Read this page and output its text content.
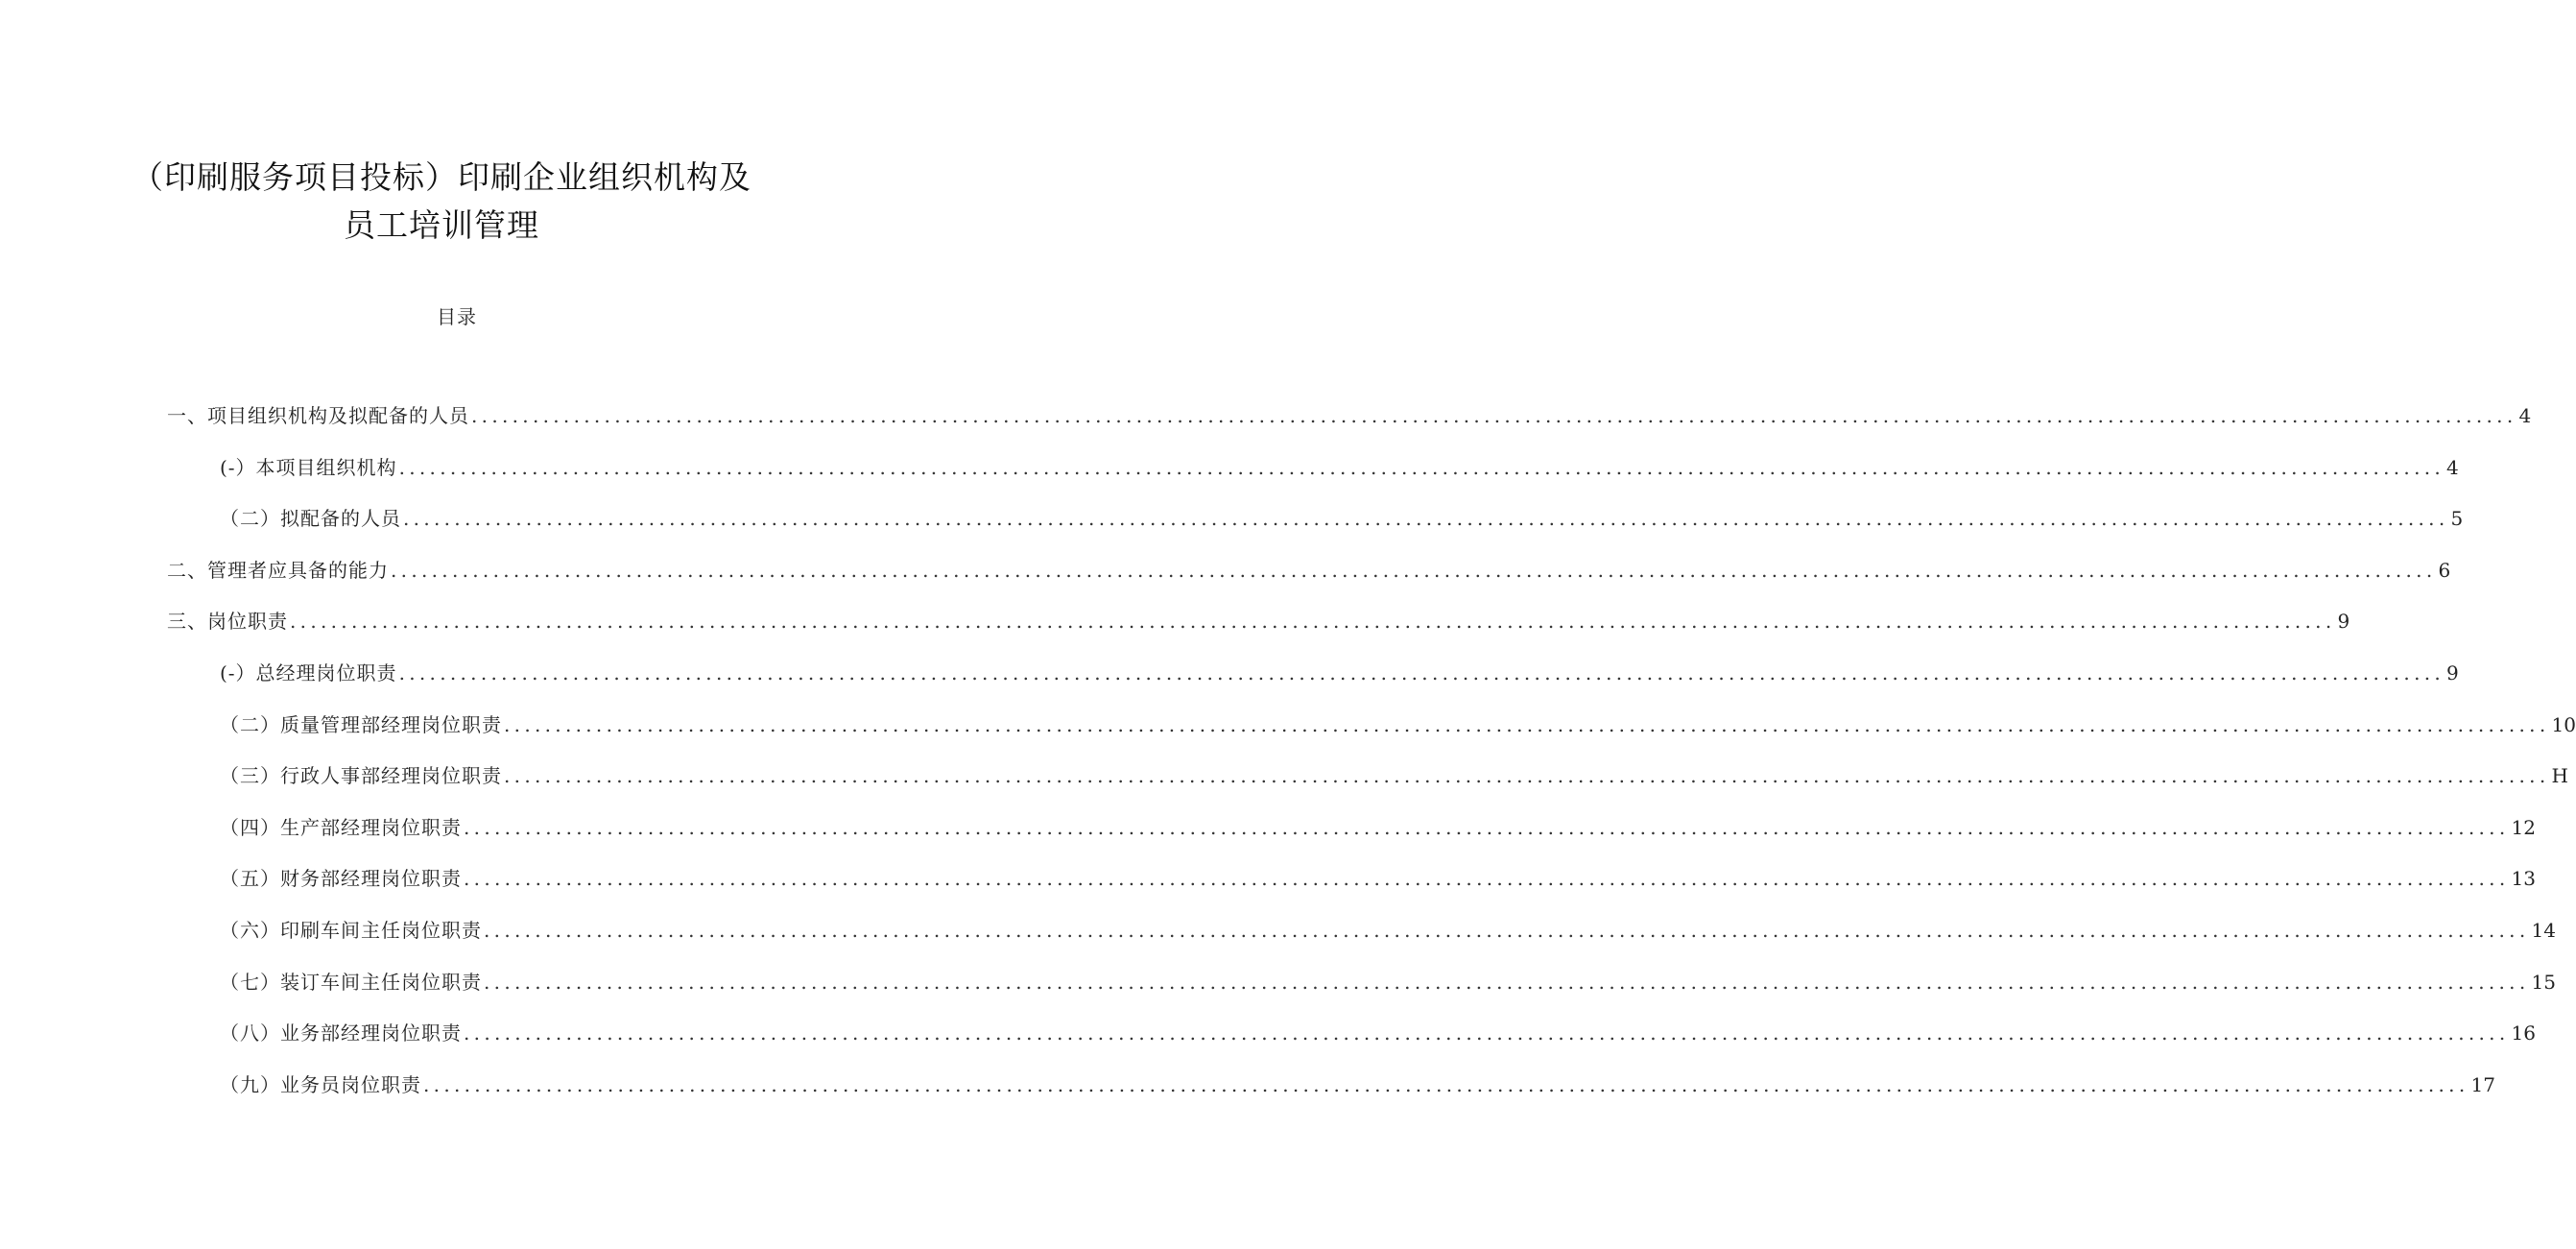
（印刷服务项目投标）印刷企业组织机构及
员工培训管理
目录
一、项目组织机构及拟配备的人员 ........................................................................................................................................................................................................ 4
(-）本项目组织机构 ........................................................................................................................................................................................................ 4
（二）拟配备的人员 ........................................................................................................................................................................................................ 5
二、管理者应具备的能力 ........................................................................................................................................................................................................ 6
三、岗位职责 ........................................................................................................................................................................................................ 9
(-）总经理岗位职责 ........................................................................................................................................................................................................ 9
（二）质量管理部经理岗位职责 ........................................................................................................................................................................................................ 10
（三）行政人事部经理岗位职责 ........................................................................................................................................................................................................ H
（四）生产部经理岗位职责 ........................................................................................................................................................................................................ 12
（五）财务部经理岗位职责 ........................................................................................................................................................................................................ 13
（六）印刷车间主任岗位职责 ........................................................................................................................................................................................................ 14
（七）装订车间主任岗位职责 ........................................................................................................................................................................................................ 15
（八）业务部经理岗位职责 ........................................................................................................................................................................................................ 16
（九）业务员岗位职责 ........................................................................................................................................................................................................ 17
